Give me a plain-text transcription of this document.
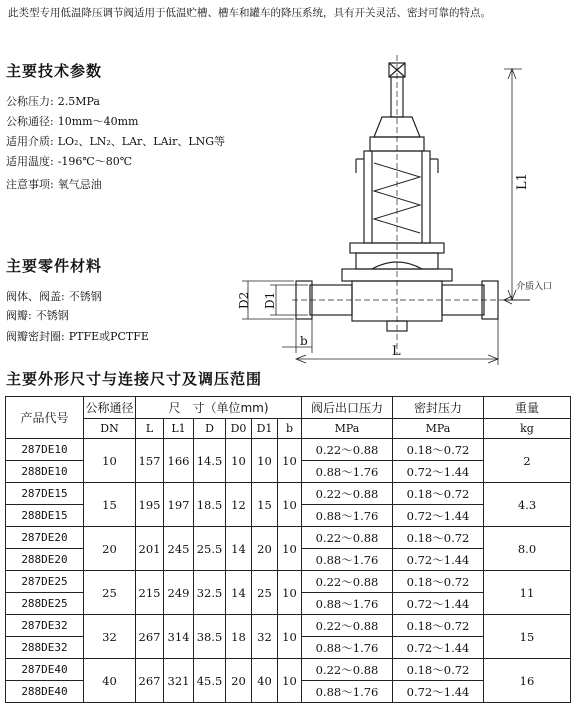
此类型专用低温降压调节阀适用于低温贮槽、槽车和罐车的降压系统，具有开关灵活、密封可靠的特点。
主要技术参数
公称压力: 2.5MPa
公称通径: 10mm～40mm
适用介质: LO₂、LN₂、LAr、LAir、LNG等
适用温度: -196℃～80℃
注意事项: 氧气忌油
主要零件材料
阀体、阀盖: 不锈钢
阀瓣: 不锈钢
阀瓣密封圈: PTFE或PCTFE
L1
D2 D1
介质入口
b
L
主要外形尺寸与连接尺寸及调压范围
产品代号	公称通径	尺　寸（单位mm)						阀后出口压力	密封压力	重量
	DN	L	L1	D	D0	D1	b	MPa	MPa	kg
287DE10	10	157	166	14.5	10	10	10	0.22～0.88	0.18～0.72	2
288DE10								0.88～1.76	0.72～1.44	
287DE15	15	195	197	18.5	12	15	10	0.22～0.88	0.18～0.72	4.3
288DE15								0.88～1.76	0.72～1.44	
287DE20	20	201	245	25.5	14	20	10	0.22～0.88	0.18～0.72	8.0
288DE20								0.88～1.76	0.72～1.44	
287DE25	25	215	249	32.5	14	25	10	0.22～0.88	0.18～0.72	11
288DE25								0.88～1.76	0.72～1.44	
287DE32	32	267	314	38.5	18	32	10	0.22～0.88	0.18～0.72	15
288DE32								0.88～1.76	0.72～1.44	
287DE40	40	267	321	45.5	20	40	10	0.22～0.88	0.18～0.72	16
288DE40								0.88～1.76	0.72～1.44	
